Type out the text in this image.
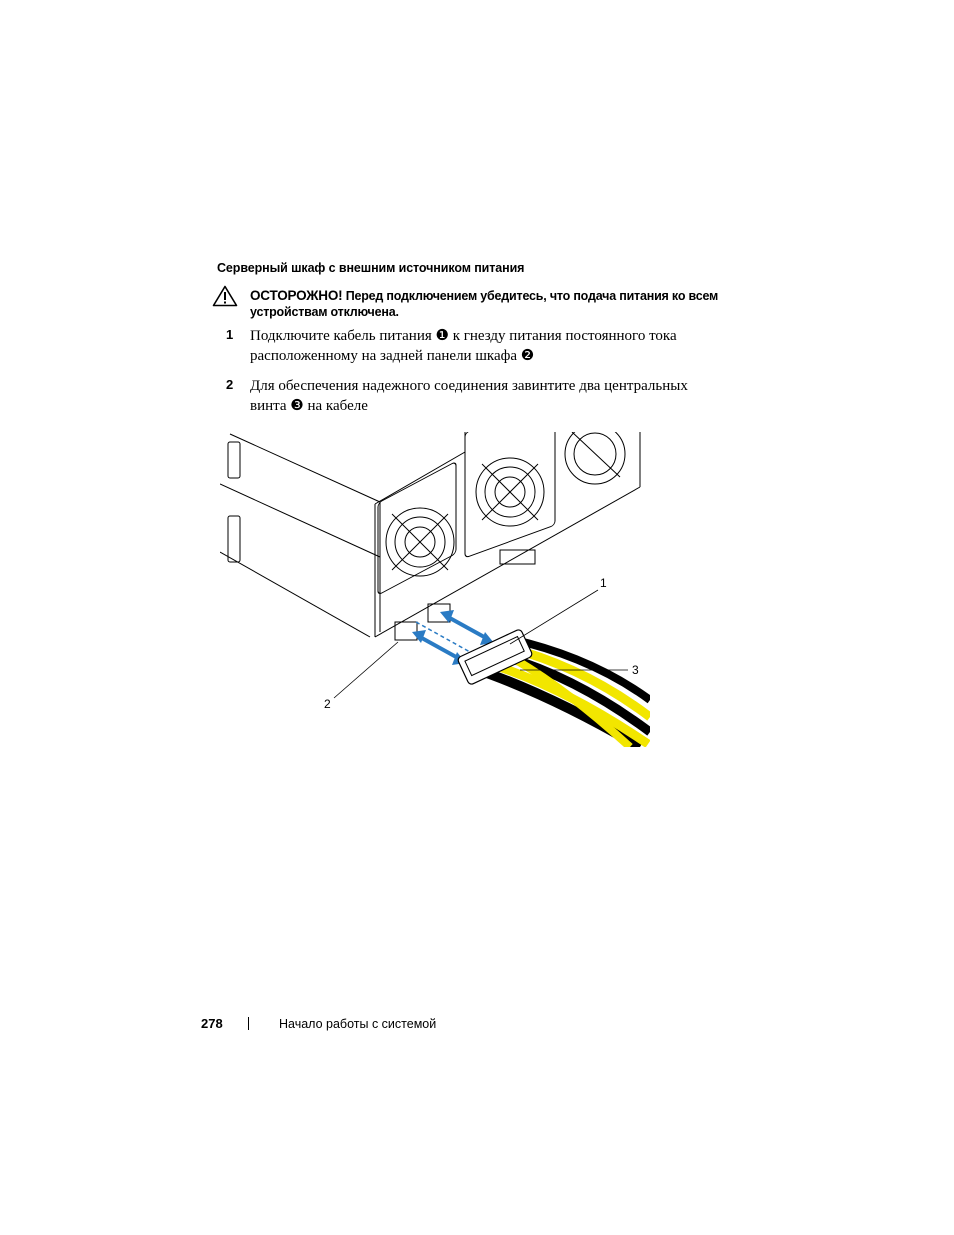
Серверный шкаф с внешним источником питания
ОСТОРОЖНО! Перед подключением убедитесь, что подача питания ко всем устройствам отключена.
1 Подключите кабель питания ❶ к гнезду питания постоянного тока расположенному на задней панели шкафа ❷
2 Для обеспечения надежного соединения завинтите два центральных винта ❸ на кабеле
1
3
2
278	Начало работы с системой
